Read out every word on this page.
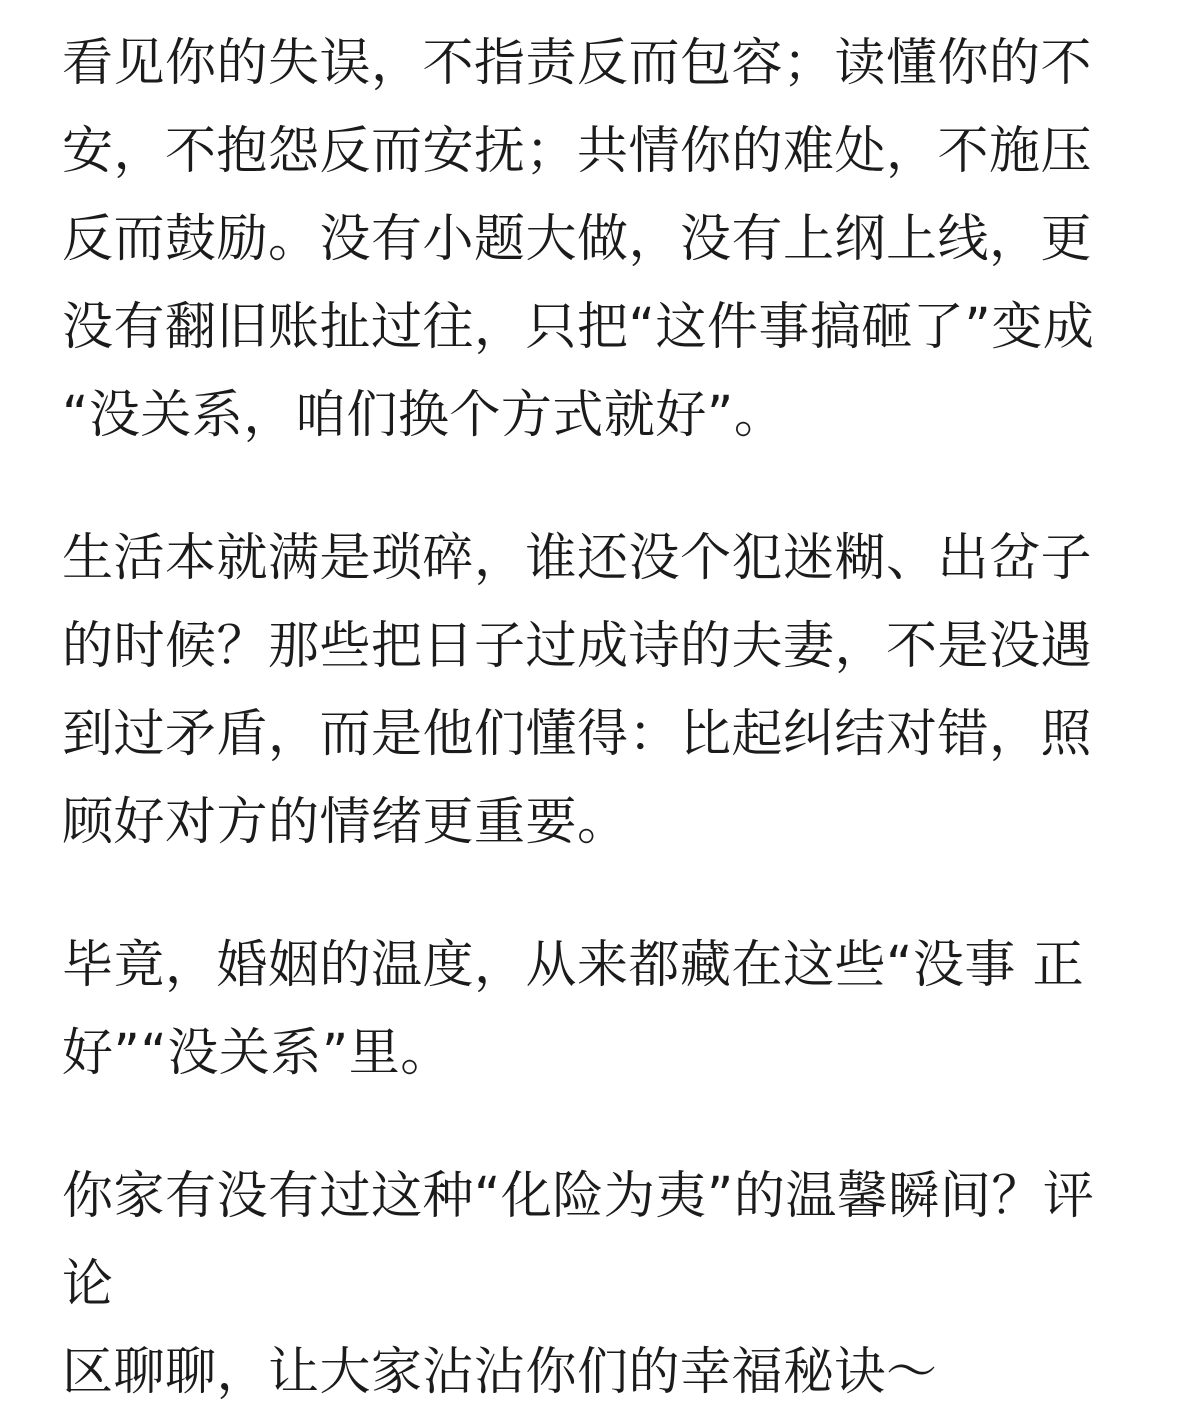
看见你的失误，不指责反而包容；读懂你的不
安，不抱怨反而安抚；共情你的难处，不施压
反而鼓励。没有小题大做，没有上纲上线，更
没有翻旧账扯过往，只把“这件事搞砸了”变成
“没关系，咱们换个方式就好”。

生活本就满是琐碎，谁还没个犯迷糊、出岔子
的时候？那些把日子过成诗的夫妻，不是没遇
到过矛盾，而是他们懂得：比起纠结对错，照
顾好对方的情绪更重要。

毕竟，婚姻的温度，从来都藏在这些“没事 正
好”“没关系”里。

你家有没有过这种“化险为夷”的温馨瞬间？评论
区聊聊，让大家沾沾你们的幸福秘诀～
